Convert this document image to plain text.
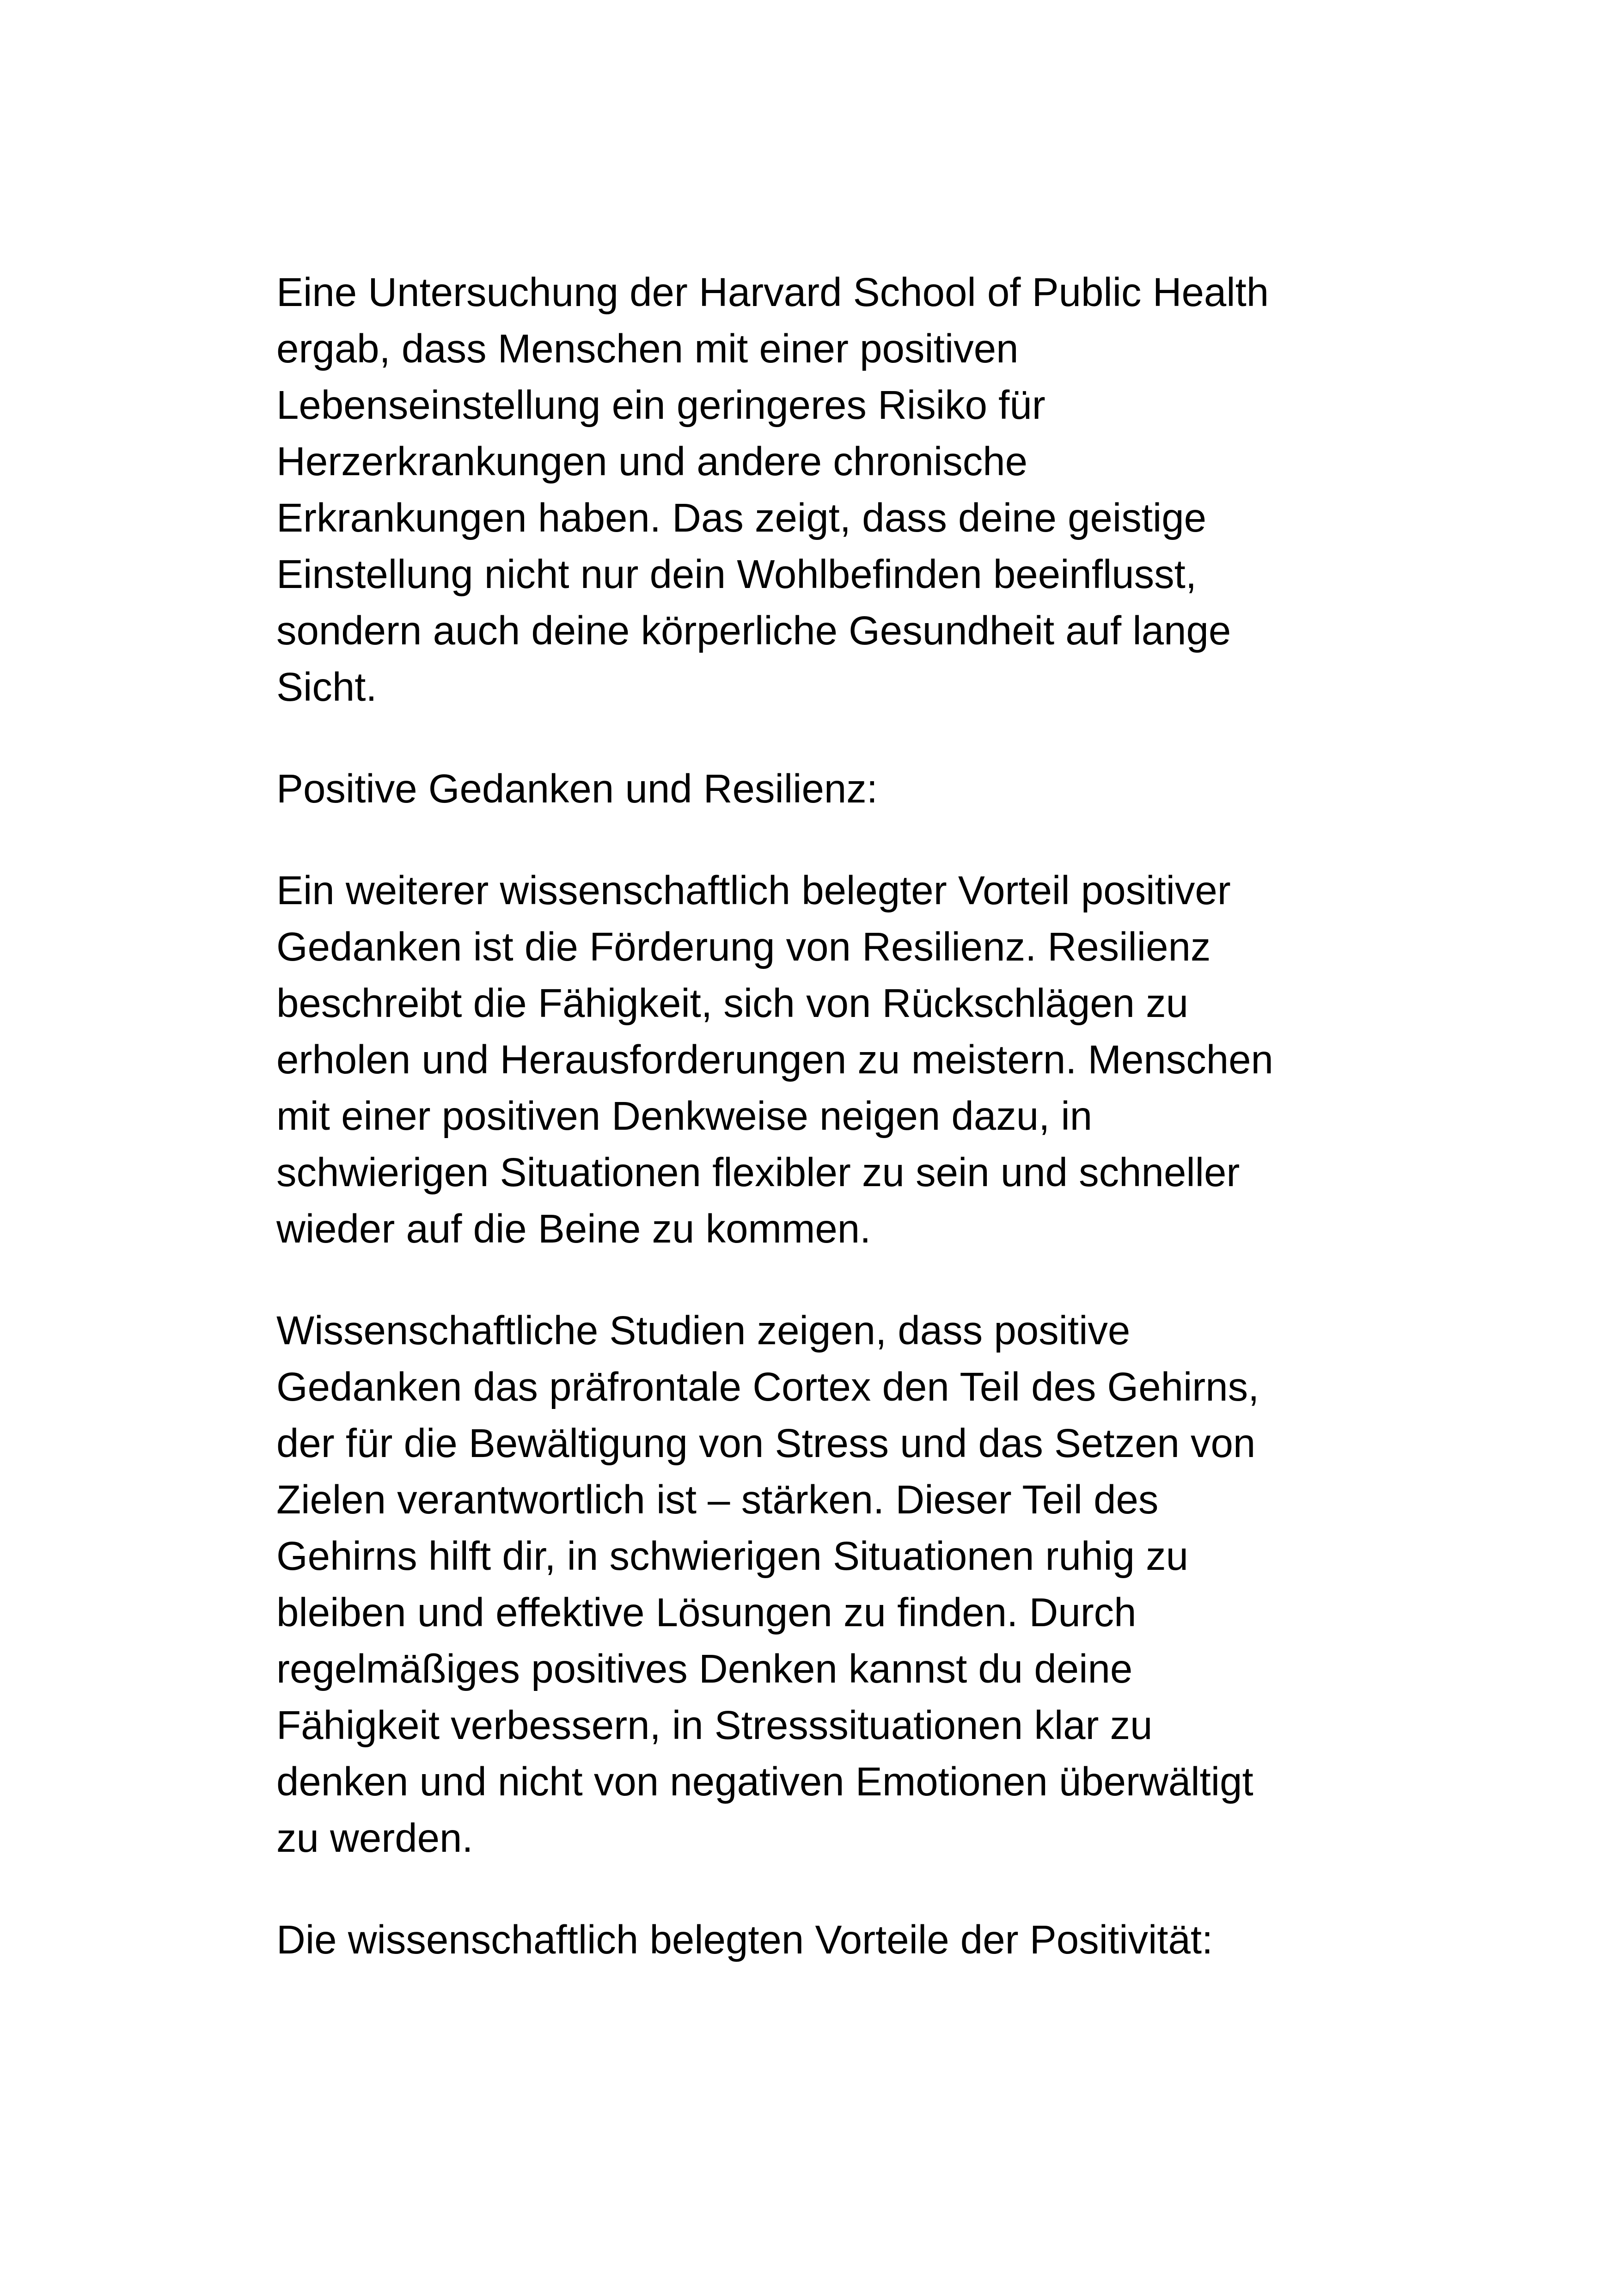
Eine Untersuchung der Harvard School of Public Health
ergab, dass Menschen mit einer positiven
Lebenseinstellung ein geringeres Risiko für
Herzerkrankungen und andere chronische
Erkrankungen haben. Das zeigt, dass deine geistige
Einstellung nicht nur dein Wohlbefinden beeinflusst,
sondern auch deine körperliche Gesundheit auf lange
Sicht.

Positive Gedanken und Resilienz:

Ein weiterer wissenschaftlich belegter Vorteil positiver
Gedanken ist die Förderung von Resilienz. Resilienz
beschreibt die Fähigkeit, sich von Rückschlägen zu
erholen und Herausforderungen zu meistern. Menschen
mit einer positiven Denkweise neigen dazu, in
schwierigen Situationen flexibler zu sein und schneller
wieder auf die Beine zu kommen.

Wissenschaftliche Studien zeigen, dass positive
Gedanken das präfrontale Cortex den Teil des Gehirns,
der für die Bewältigung von Stress und das Setzen von
Zielen verantwortlich ist – stärken. Dieser Teil des
Gehirns hilft dir, in schwierigen Situationen ruhig zu
bleiben und effektive Lösungen zu finden. Durch
regelmäßiges positives Denken kannst du deine
Fähigkeit verbessern, in Stresssituationen klar zu
denken und nicht von negativen Emotionen überwältigt
zu werden.

Die wissenschaftlich belegten Vorteile der Positivität:
